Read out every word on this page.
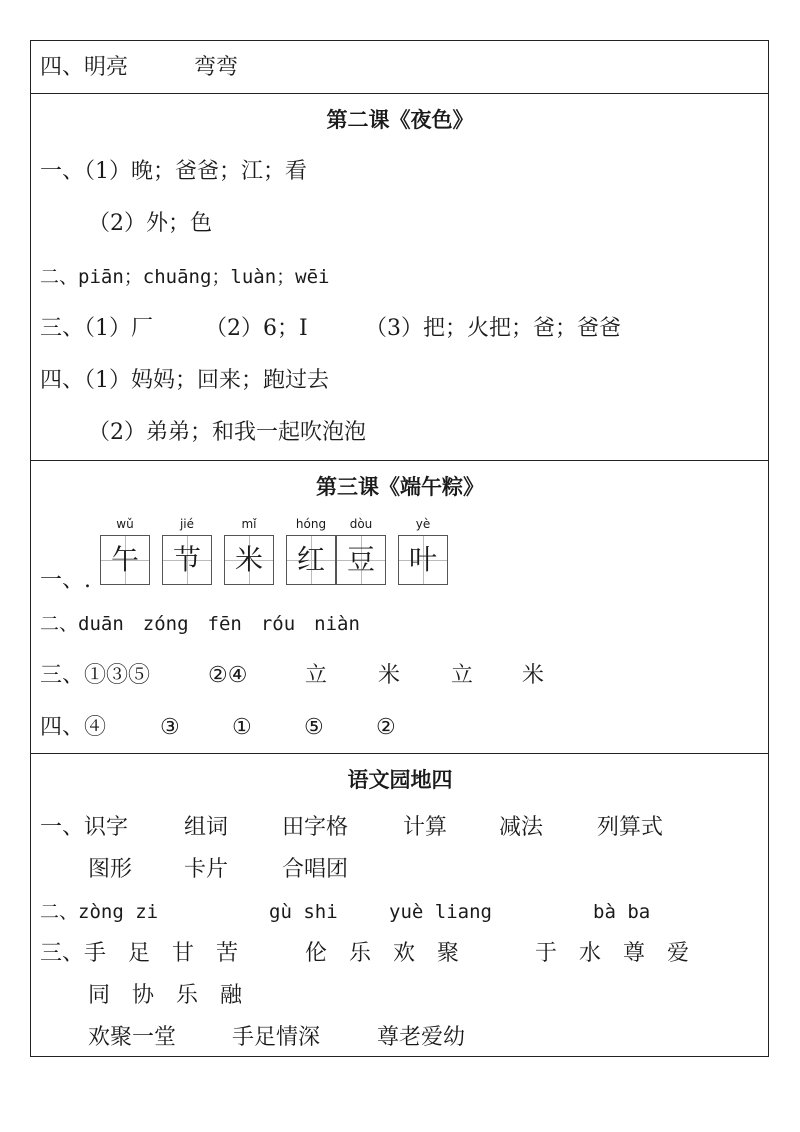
四、明亮　　　弯弯
第二课《夜色》
一、（1）晚；爸爸；江；看
（2）外；色
二、piān；chuāng；luàn；wēi
三、（1）厂 （2）6；I	（3）把；火把；爸；爸爸
四、（1）妈妈；回来；跑过去
（2）弟弟；和我一起吹泡泡
第三课《端午粽》
一、.
wǔ
午
jié
节
mǐ
米
hóng
红
dòu
豆
yè
叶
二、duān　zóng　fēn　róu　niàn
三、①③⑤	②④	立 米 立 米
四、④ ③ ① ⑤ ②
语文园地四
一、识字	组词 田字格 计算 减法 列算式
图形 卡片 合唱团
二、zòng zi	gù shi	yuè liang	bà ba
三、手　足　甘　苦	伦　乐　欢　聚	于　水　尊　爱
同　协　乐　融
欢聚一堂	手足情深	尊老爱幼
